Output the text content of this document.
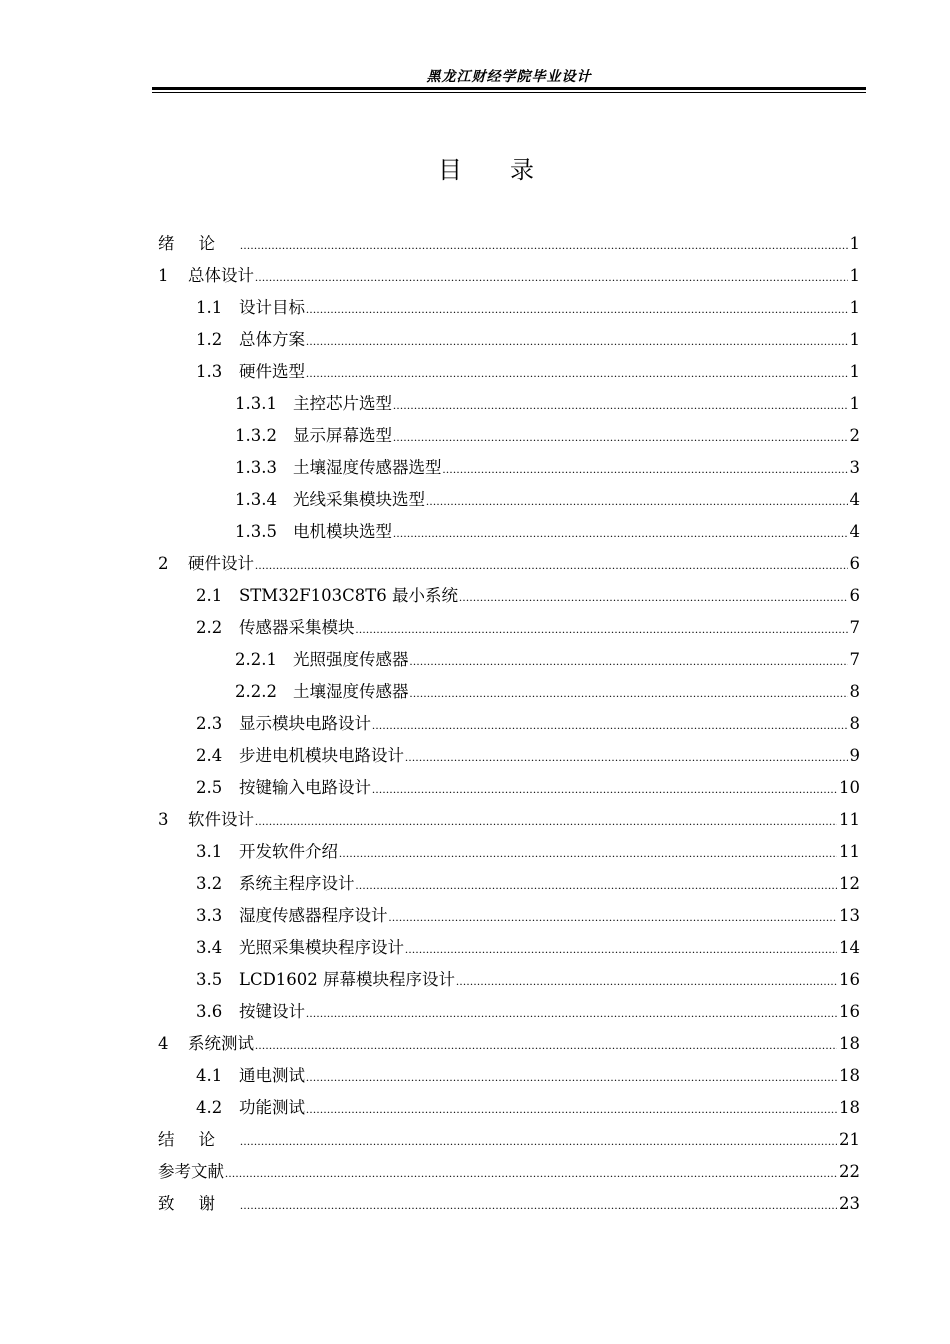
黑龙江财经学院毕业设计
目录
绪论 .....	1
1	总体设计 .....	1
1.1	设计目标 .....	1
1.2	总体方案 .....	1
1.3	硬件选型 .....	1
1.3.1 主控芯片选型 .....	1
1.3.2 显示屏幕选型 .....	2
1.3.3 土壤湿度传感器选型 .....	3
1.3.4 光线采集模块选型 .....	4
1.3.5 电机模块选型 .....	4
2	硬件设计 .....	6
2.1	STM32F103C8T6 最小系统 .....	6
2.2	传感器采集模块 .....	7
2.2.1 光照强度传感器 .....	7
2.2.2 土壤湿度传感器 .....	8
2.3	显示模块电路设计 .....	8
2.4	步进电机模块电路设计 .....	9
2.5	按键输入电路设计 .....	10
3	软件设计 .....	11
3.1	开发软件介绍 .....	11
3.2	系统主程序设计 .....	12
3.3	湿度传感器程序设计 .....	13
3.4	光照采集模块程序设计 .....	14
3.5	LCD1602 屏幕模块程序设计 .....	16
3.6	按键设计 .....	16
4	系统测试 .....	18
4.1	通电测试 .....	18
4.2	功能测试 .....	18
结论 .....	21
参考文献 .....	22
致谢 .....	23
